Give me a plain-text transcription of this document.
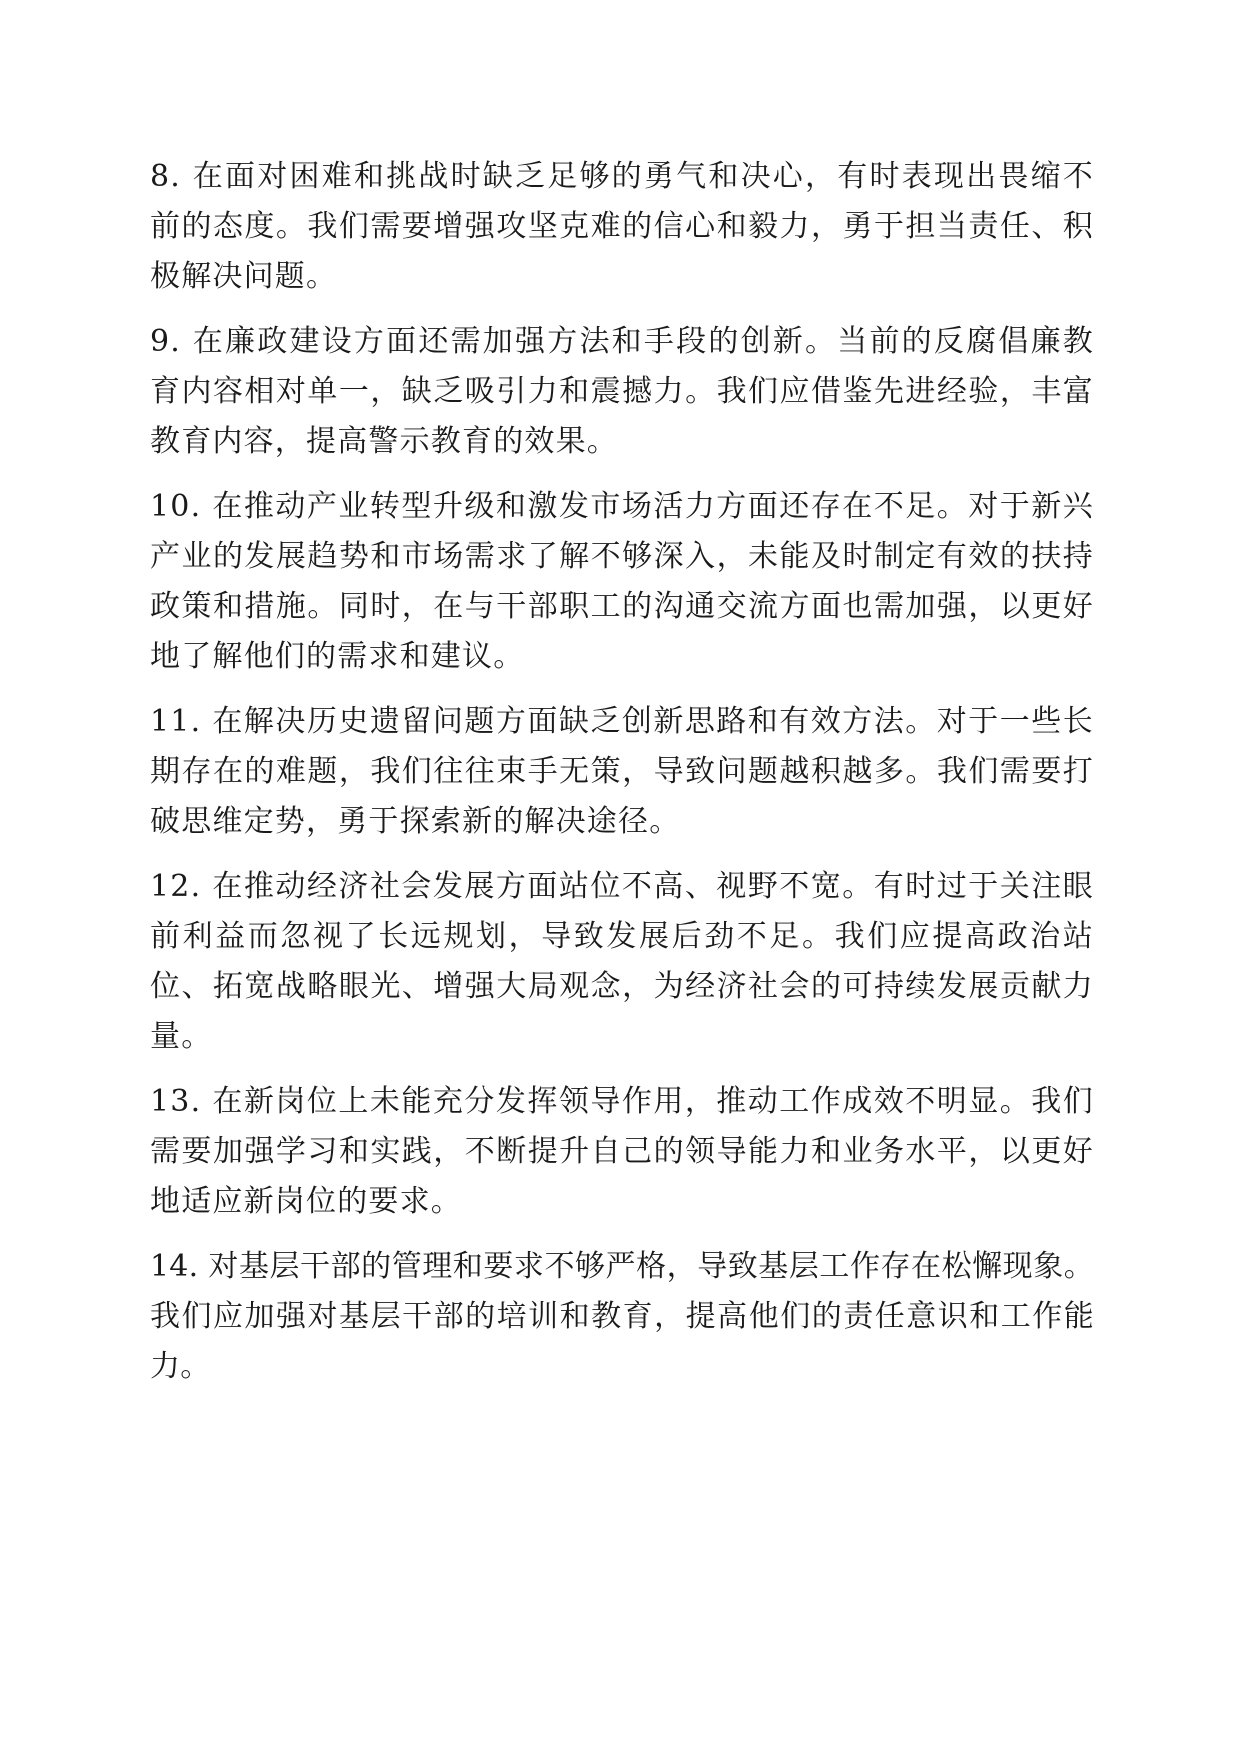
8. 在面对困难和挑战时缺乏足够的勇气和决心，有时表现出畏缩不前的态度。我们需要增强攻坚克难的信心和毅力，勇于担当责任、积极解决问题。

9. 在廉政建设方面还需加强方法和手段的创新。当前的反腐倡廉教育内容相对单一，缺乏吸引力和震撼力。我们应借鉴先进经验，丰富教育内容，提高警示教育的效果。

10. 在推动产业转型升级和激发市场活力方面还存在不足。对于新兴产业的发展趋势和市场需求了解不够深入，未能及时制定有效的扶持政策和措施。同时，在与干部职工的沟通交流方面也需加强，以更好地了解他们的需求和建议。

11. 在解决历史遗留问题方面缺乏创新思路和有效方法。对于一些长期存在的难题，我们往往束手无策，导致问题越积越多。我们需要打破思维定势，勇于探索新的解决途径。

12. 在推动经济社会发展方面站位不高、视野不宽。有时过于关注眼前利益而忽视了长远规划，导致发展后劲不足。我们应提高政治站位、拓宽战略眼光、增强大局观念，为经济社会的可持续发展贡献力量。

13. 在新岗位上未能充分发挥领导作用，推动工作成效不明显。我们需要加强学习和实践，不断提升自己的领导能力和业务水平，以更好地适应新岗位的要求。

14. 对基层干部的管理和要求不够严格，导致基层工作存在松懈现象。我们应加强对基层干部的培训和教育，提高他们的责任意识和工作能力。
